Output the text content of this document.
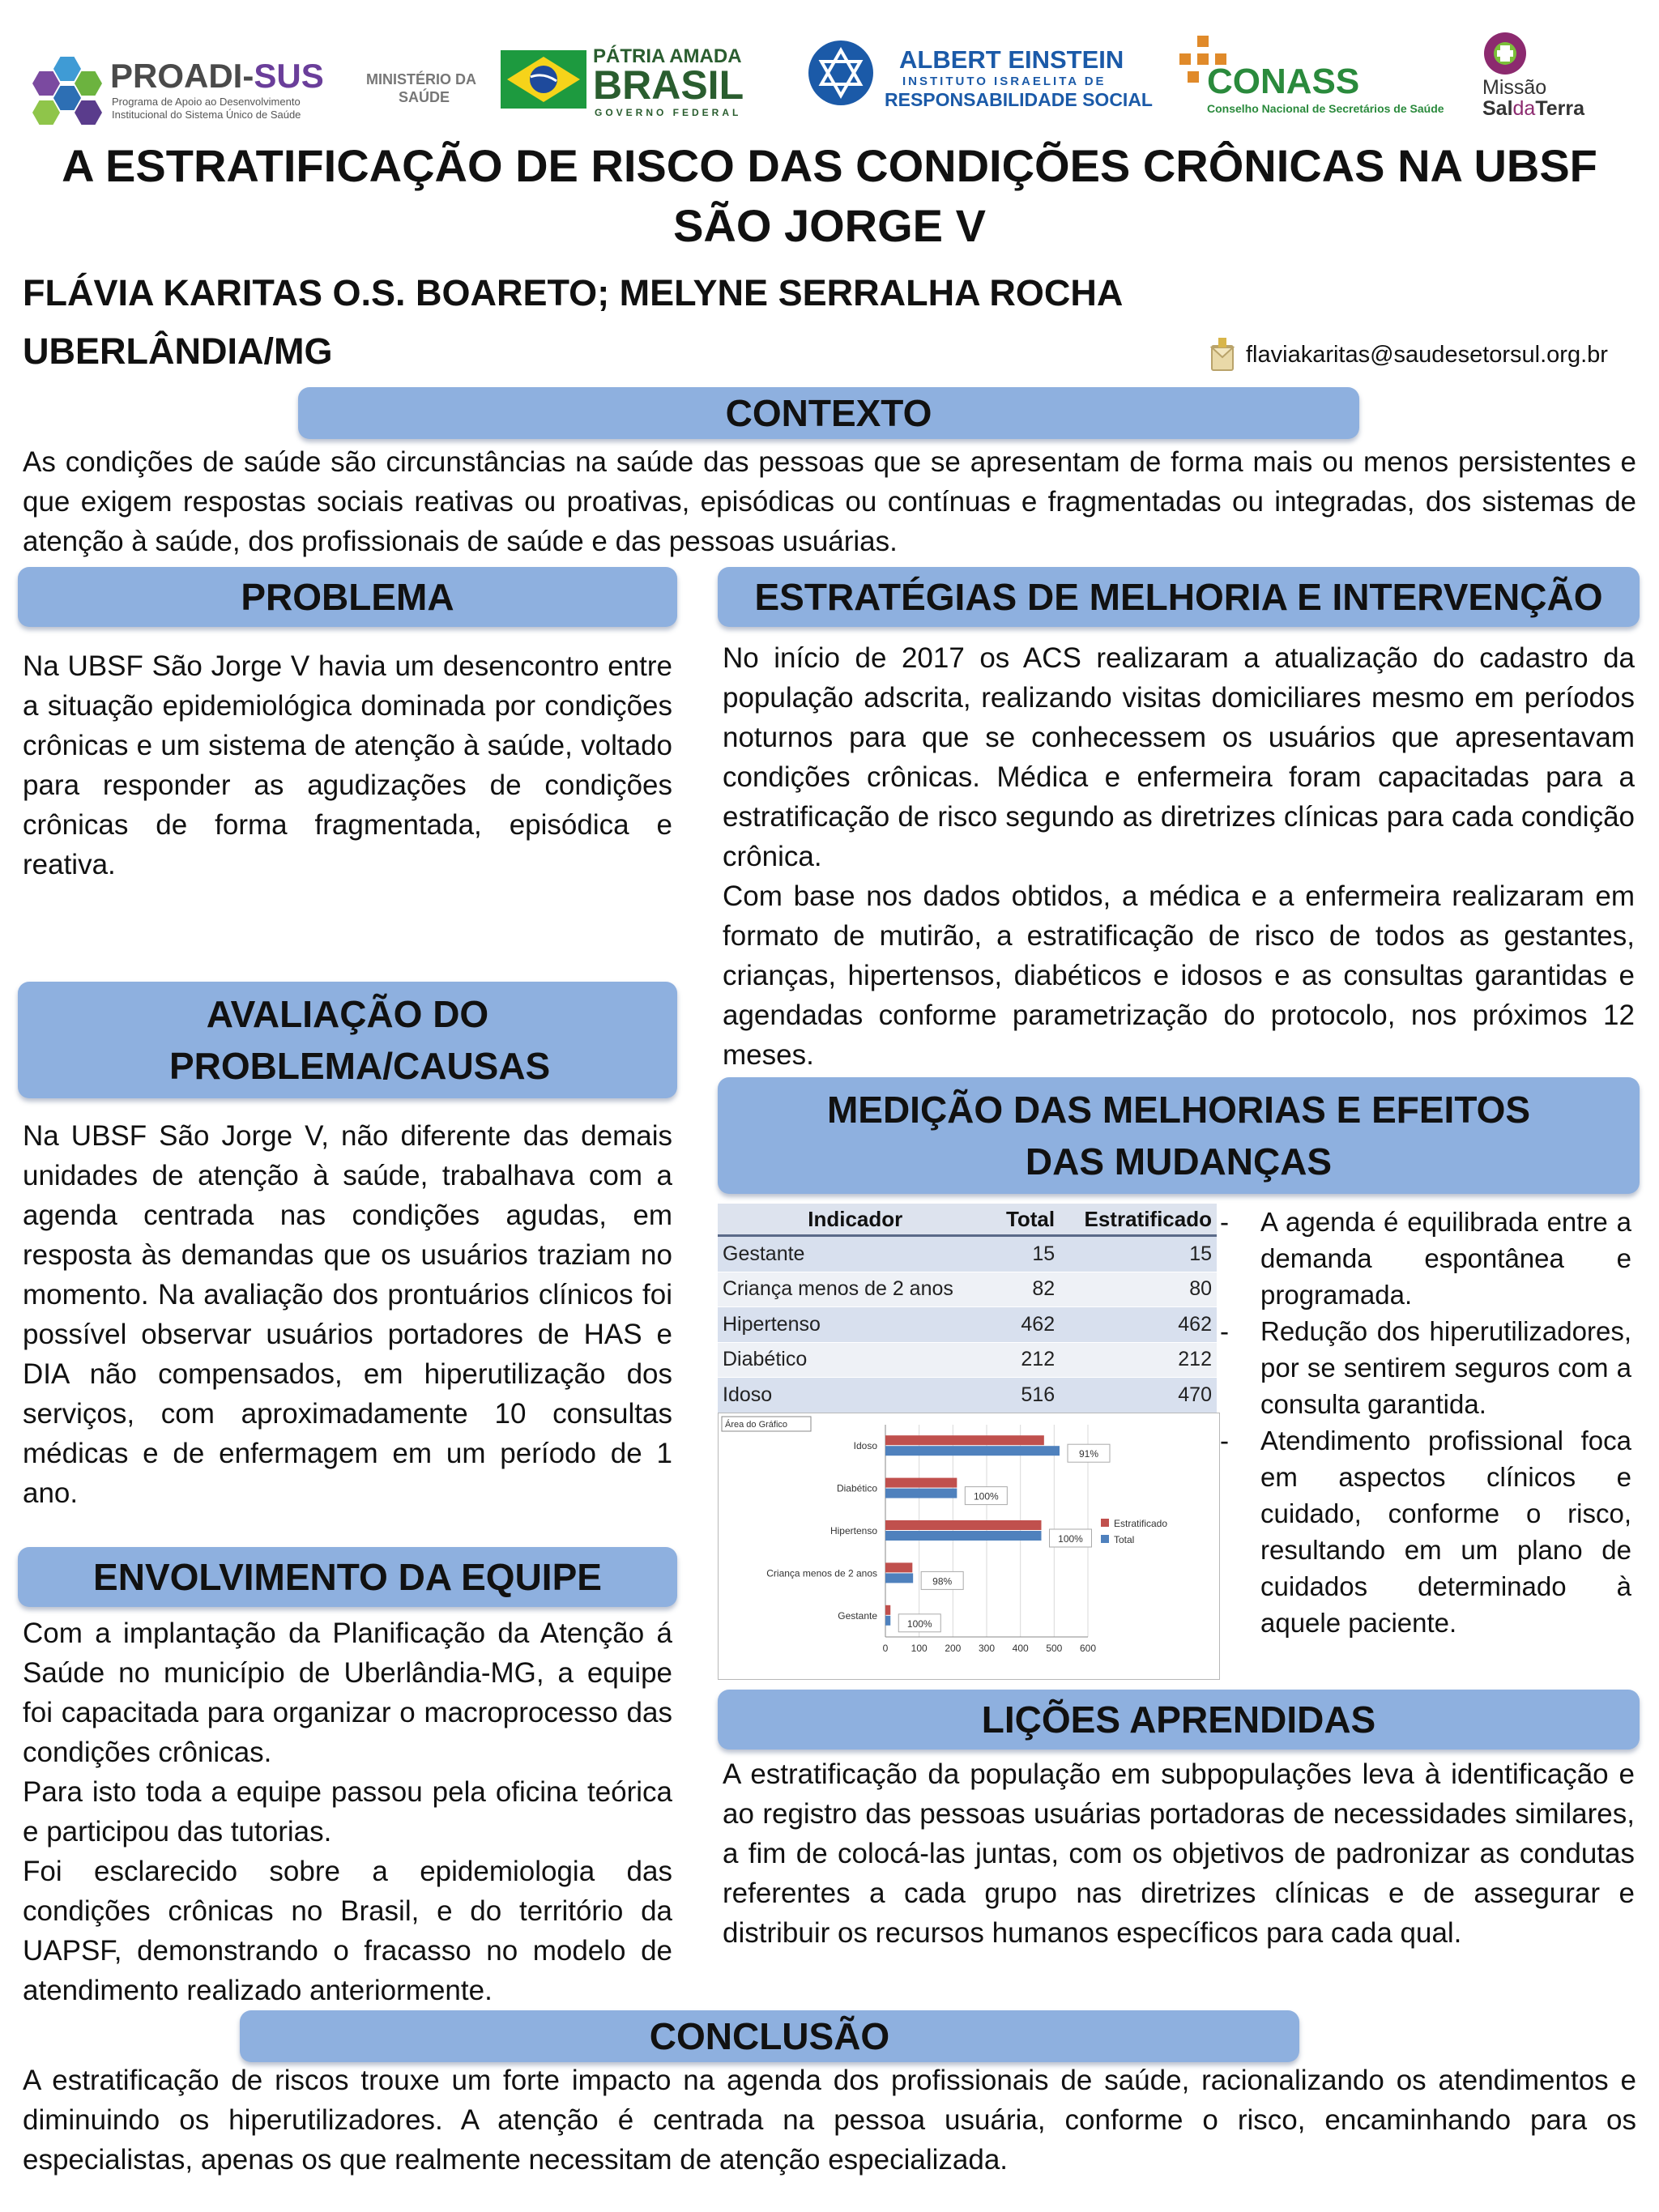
PROADI-SUS
Programa de Apoio ao Desenvolvimento
Institucional do Sistema Único de Saúde
MINISTÉRIO DA
SAÚDE
PÁTRIA AMADA
BRASIL
GOVERNO FEDERAL
ALBERT EINSTEIN
INSTITUTO ISRAELITA DE
RESPONSABILIDADE SOCIAL CONASS
Conselho Nacional de Secretários de Saúde
Missão
SaldaTerra
A ESTRATIFICAÇÃO DE RISCO DAS CONDIÇÕES CRÔNICAS NA UBSF SÃO JORGE V
FLÁVIA KARITAS O.S. BOARETO; MELYNE SERRALHA ROCHA
UBERLÂNDIA/MG	flaviakaritas@saudesetorsul.org.br
CONTEXTO
As condições de saúde são circunstâncias na saúde das pessoas que se apresentam de forma mais ou menos persistentes e que exigem respostas sociais reativas ou proativas, episódicas ou contínuas e fragmentadas ou integradas, dos sistemas de atenção à saúde, dos profissionais de saúde e das pessoas usuárias.
PROBLEMA
Na UBSF São Jorge V havia um desencontro entre a situação epidemiológica dominada por condições crônicas e um sistema de atenção à saúde, voltado para responder as agudizações de condições crônicas de forma fragmentada, episódica e reativa.
AVALIAÇÃO DO PROBLEMA/CAUSAS
Na UBSF São Jorge V, não diferente das demais unidades de atenção à saúde, trabalhava com a agenda centrada nas condições agudas, em resposta às demandas que os usuários traziam no momento. Na avaliação dos prontuários clínicos foi possível observar usuários portadores de HAS e DIA não compensados, em hiperutilização dos serviços, com aproximadamente 10 consultas médicas e de enfermagem em um período de 1 ano.
ENVOLVIMENTO DA EQUIPE

Com a implantação da Planificação da Atenção á Saúde no município de Uberlândia-MG, a equipe foi capacitada para organizar o macroprocesso das condições crônicas.

Para isto toda a equipe passou pela oficina teórica e participou das tutorias.

Foi esclarecido sobre a epidemiologia das condições crônicas no Brasil, e do território da UAPSF, demonstrando o fracasso no modelo de atendimento realizado anteriormente.

ESTRATÉGIAS DE MELHORIA E INTERVENÇÃO

No início de 2017 os ACS realizaram a atualização do cadastro da população adscrita, realizando visitas domiciliares mesmo em períodos noturnos para que se conhecessem os usuários que apresentavam condições crônicas. Médica e enfermeira foram capacitadas para a estratificação de risco segundo as diretrizes clínicas para cada condição crônica.

Com base nos dados obtidos, a médica e a enfermeira realizaram em formato de mutirão, a estratificação de risco de todos as gestantes, crianças, hipertensos, diabéticos e idosos e as consultas garantidas e agendadas conforme parametrização do protocolo, nos próximos 12 meses.

MEDIÇÃO DAS MELHORIAS E EFEITOS DAS MUDANÇAS
Indicador	Total	Estratificado
Gestante	15	15
Criança menos de 2 anos	82	80
Hipertenso	462	462
Diabético	212	212
Idoso	516	470
Área do Gráfico
0 100 200 300 400 500 600
Idoso
91%
Diabético
100%
Hipertenso
100%
Criança menos de 2 anos
98%
Gestante
100%
Estratificado
Total
-	A agenda é equilibrada entre a demanda espontânea e programada.
-	Redução dos hiperutilizadores, por se sentirem seguros com a consulta garantida.
-	Atendimento profissional foca em aspectos clínicos e cuidado, conforme o risco, resultando em um plano de cuidados determinado à aquele paciente.
LIÇÕES APRENDIDAS
A estratificação da população em subpopulações leva à identificação e ao registro das pessoas usuárias portadoras de necessidades similares, a fim de colocá-las juntas, com os objetivos de padronizar as condutas referentes a cada grupo nas diretrizes clínicas e de assegurar e distribuir os recursos humanos específicos para cada qual.
CONCLUSÃO
A estratificação de riscos trouxe um forte impacto na agenda dos profissionais de saúde, racionalizando os atendimentos e diminuindo os hiperutilizadores. A atenção é centrada na pessoa usuária, conforme o risco, encaminhando para os especialistas, apenas os que realmente necessitam de atenção especializada.
